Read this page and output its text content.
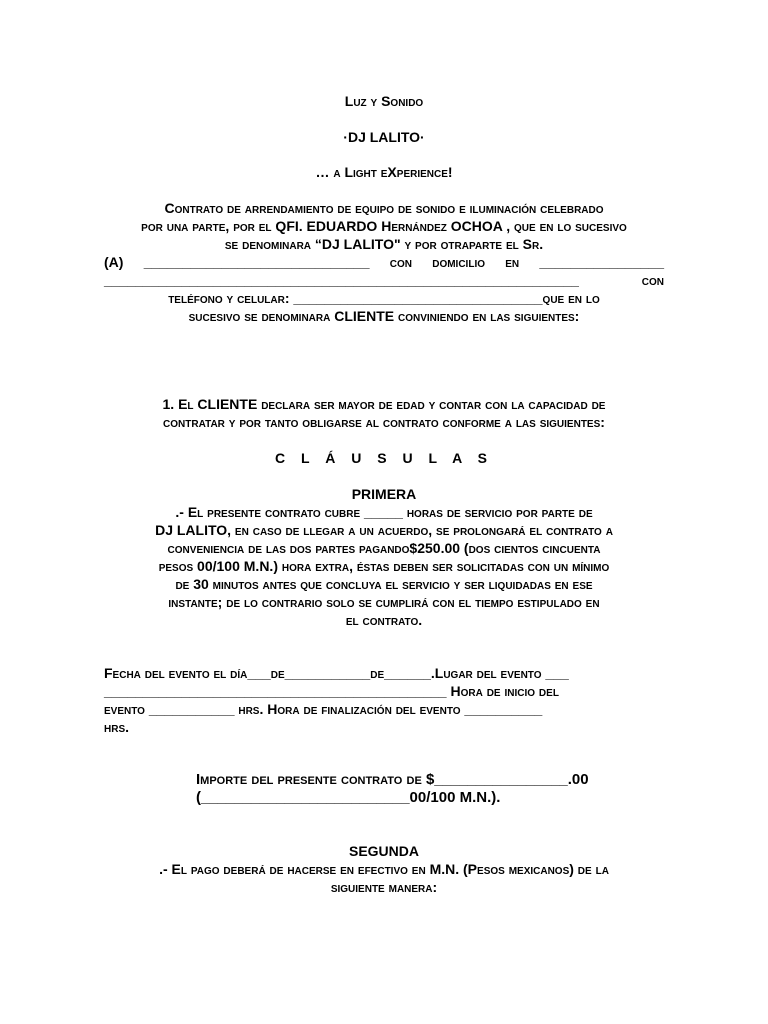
Luz y Sonido
·DJ LALITO·
… a Light eXperience!
Contrato de arrendamiento de equipo de sonido e iluminación celebrado
por una parte, por el QFI. EDUARDO Hernández OCHOA , que en lo sucesivo
se denominara “DJ LALITO" y por otraparte el Sr.
(A) _____________________________ con domicilio en ________________
_____________________________________________________________ con
teléfono y celular: ________________________________que en lo
sucesivo se denominara CLIENTE conviniendo en las siguientes:
1. El CLIENTE declara ser mayor de edad y contar con la capacidad de
contratar y por tanto obligarse al contrato conforme a las siguientes:
C L Á U S U L A S
PRIMERA
.- El presente contrato cubre _____ horas de servicio por parte de
DJ LALITO, en caso de llegar a un acuerdo, se prolongará el contrato a
conveniencia de las dos partes pagando$250.00 (dos cientos cincuenta
pesos 00/100 M.N.) hora extra, éstas deben ser solicitadas con un mínimo
de 30 minutos antes que concluya el servicio y ser liquidadas en ese
instante; de lo contrario solo se cumplirá con el tiempo estipulado en
el contrato.
Fecha del evento el día___de___________de______.Lugar del evento ___
____________________________________________ Hora de inicio del
evento ___________ hrs. Hora de finalización del evento __________
hrs.
Importe del presente contrato de $________________.00
(_________________________00/100 M.N.).
SEGUNDA
.- El pago deberá de hacerse en efectivo en M.N. (Pesos mexicanos) de la
siguiente manera:
